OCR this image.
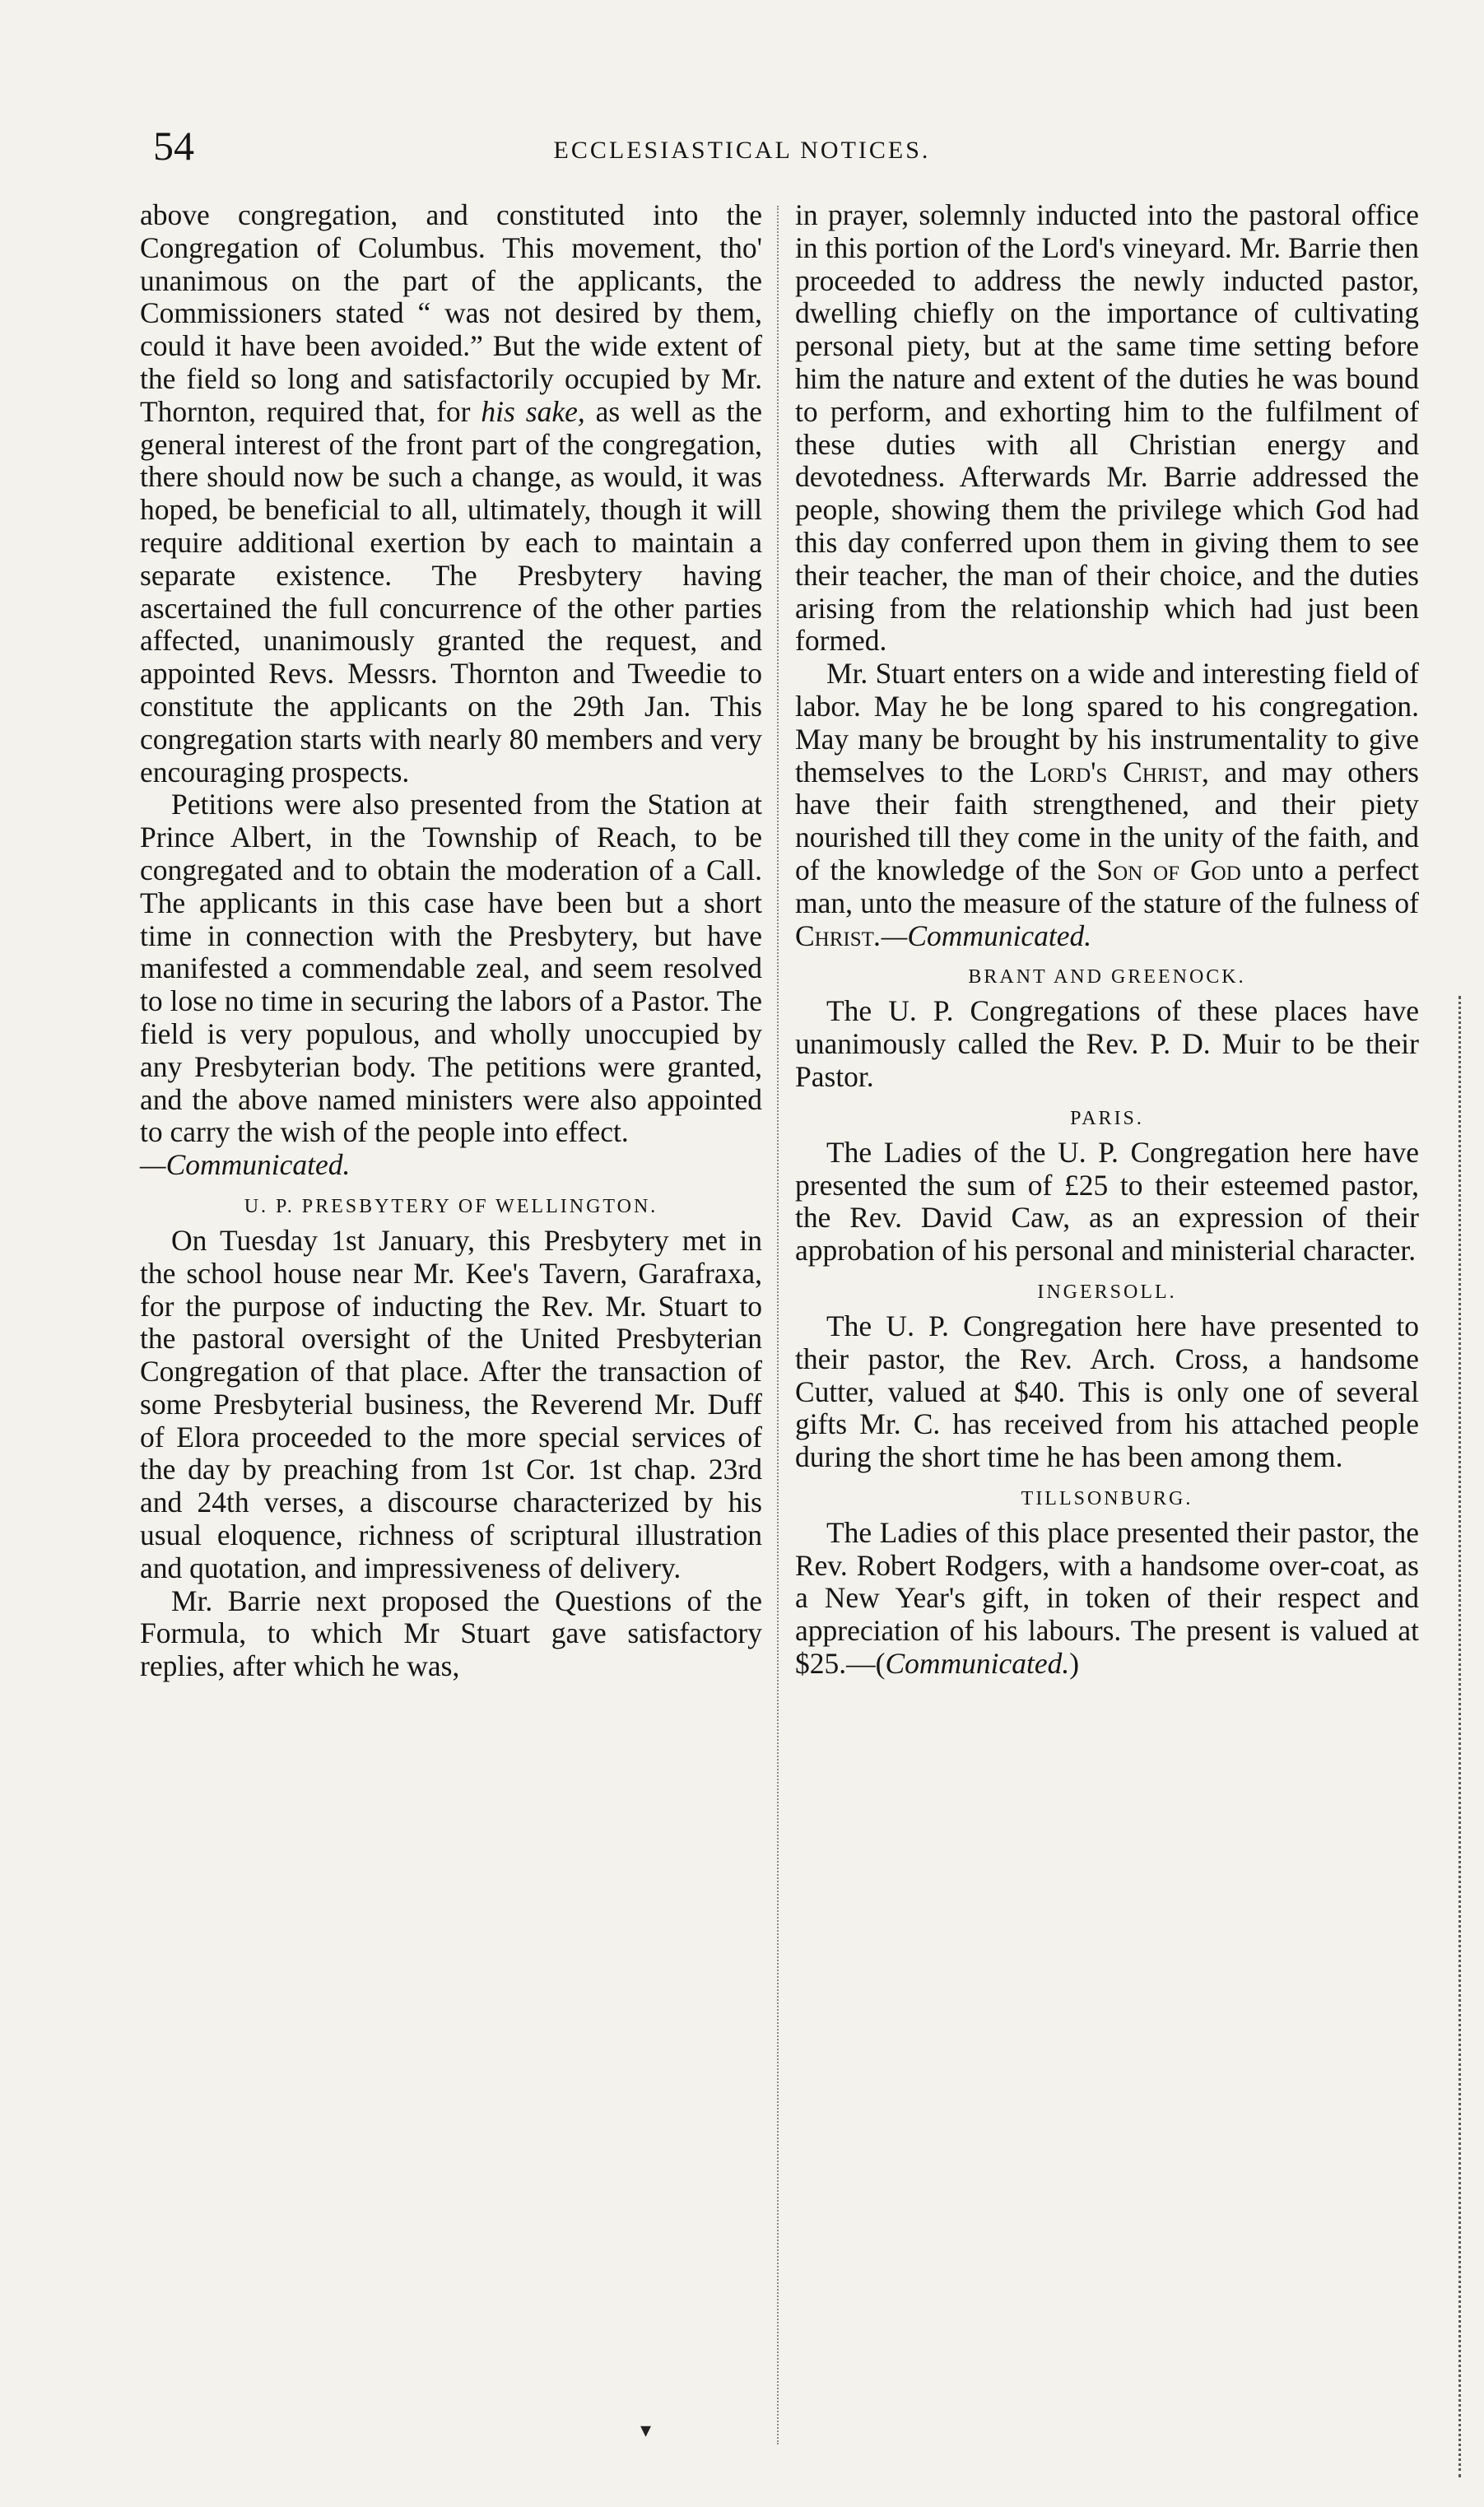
54	ECCLESIASTICAL NOTICES.

above congregation, and constituted into the Congregation of Columbus. This movement, tho' unanimous on the part of the applicants, the Commissioners stated “ was not desired by them, could it have been avoided.” But the wide extent of the field so long and satisfactorily occupied by Mr. Thornton, required that, for his sake, as well as the general interest of the front part of the congregation, there should now be such a change, as would, it was hoped, be beneficial to all, ultimately, though it will require additional exertion by each to maintain a separate existence. The Presbytery having ascertained the full concurrence of the other parties affected, unanimously granted the request, and appointed Revs. Messrs. Thornton and Tweedie to constitute the applicants on the 29th Jan. This congregation starts with nearly 80 members and very encouraging prospects.

Petitions were also presented from the Station at Prince Albert, in the Township of Reach, to be congregated and to obtain the moderation of a Call. The applicants in this case have been but a short time in connection with the Presbytery, but have manifested a commendable zeal, and seem resolved to lose no time in securing the labors of a Pastor. The field is very populous, and wholly unoccupied by any Presbyterian body. The petitions were granted, and the above named ministers were also appointed to carry the wish of the people into effect.

—Communicated.

U. P. PRESBYTERY OF WELLINGTON.

On Tuesday 1st January, this Presbytery met in the school house near Mr. Kee's Tavern, Garafraxa, for the purpose of inducting the Rev. Mr. Stuart to the pastoral oversight of the United Presbyterian Congregation of that place. After the transaction of some Presbyterial business, the Reverend Mr. Duff of Elora proceeded to the more special services of the day by preaching from 1st Cor. 1st chap. 23rd and 24th verses, a discourse characterized by his usual eloquence, richness of scriptural illustration and quotation, and impressiveness of delivery.

Mr. Barrie next proposed the Questions of the Formula, to which Mr Stuart gave satisfactory replies, after which he was,

in prayer, solemnly inducted into the pastoral office in this portion of the Lord's vineyard. Mr. Barrie then proceeded to address the newly inducted pastor, dwelling chiefly on the importance of cultivating personal piety, but at the same time setting before him the nature and extent of the duties he was bound to perform, and exhorting him to the fulfilment of these duties with all Christian energy and devotedness. Afterwards Mr. Barrie addressed the people, showing them the privilege which God had this day conferred upon them in giving them to see their teacher, the man of their choice, and the duties arising from the relationship which had just been formed.

Mr. Stuart enters on a wide and interesting field of labor. May he be long spared to his congregation. May many be brought by his instrumentality to give themselves to the Lord's Christ, and may others have their faith strengthened, and their piety nourished till they come in the unity of the faith, and of the knowledge of the Son of God unto a perfect man, unto the measure of the stature of the fulness of Christ.—Communicated.

BRANT AND GREENOCK.

The U. P. Congregations of these places have unanimously called the Rev. P. D. Muir to be their Pastor.

PARIS.

The Ladies of the U. P. Congregation here have presented the sum of £25 to their esteemed pastor, the Rev. David Caw, as an expression of their approbation of his personal and ministerial character.

INGERSOLL.

The U. P. Congregation here have presented to their pastor, the Rev. Arch. Cross, a handsome Cutter, valued at $40. This is only one of several gifts Mr. C. has received from his attached people during the short time he has been among them.

TILLSONBURG.

The Ladies of this place presented their pastor, the Rev. Robert Rodgers, with a handsome over-coat, as a New Year's gift, in token of their respect and appreciation of his labours. The present is valued at $25.—(Communicated.)

▾
